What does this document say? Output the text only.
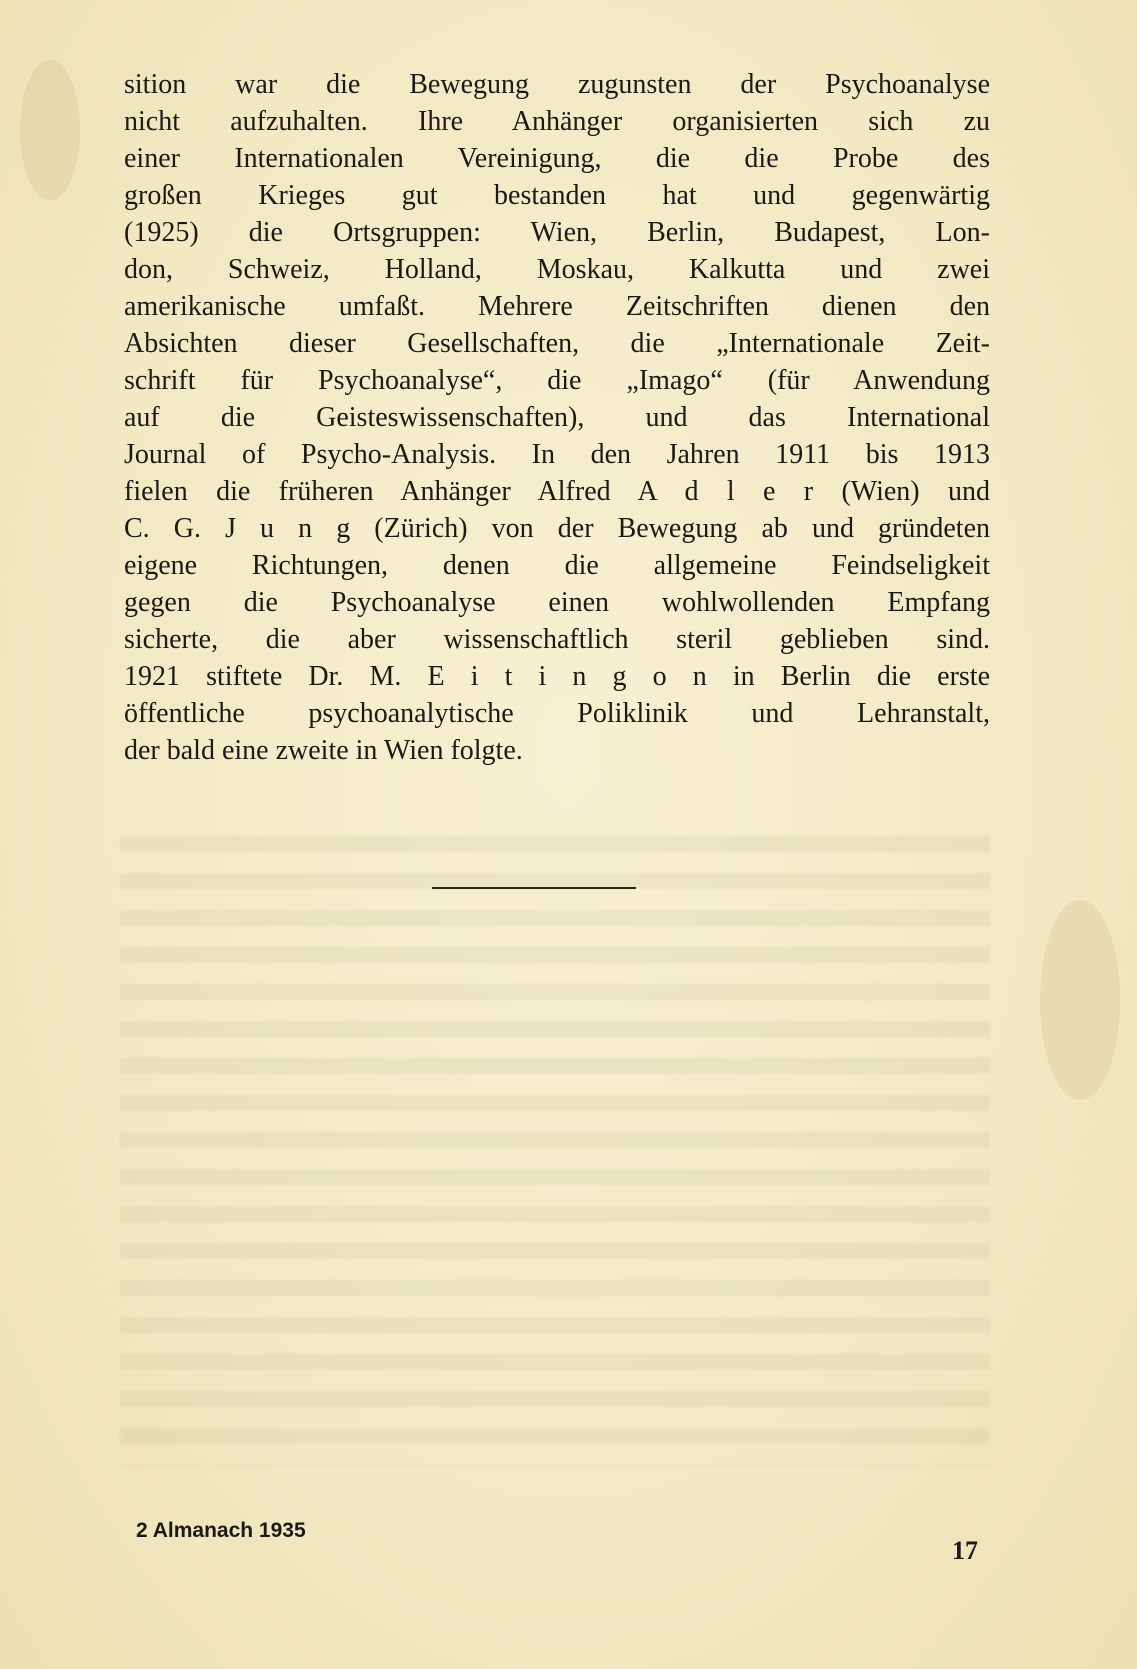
sition war die Bewegung zugunsten der Psychoanalyse
nicht aufzuhalten. Ihre Anhänger organisierten sich zu
einer Internationalen Vereinigung, die die Probe des
großen Krieges gut bestanden hat und gegenwärtig
(1925) die Ortsgruppen: Wien, Berlin, Budapest, Lon-
don, Schweiz, Holland, Moskau, Kalkutta und zwei
amerikanische umfaßt. Mehrere Zeitschriften dienen den
Absichten dieser Gesellschaften, die „Internationale Zeit-
schrift für Psychoanalyse“, die „Imago“ (für Anwendung
auf die Geisteswissenschaften), und das International
Journal of Psycho-Analysis. In den Jahren 1911 bis 1913
fielen die früheren Anhänger Alfred A d l e r (Wien) und
C. G. J u n g (Zürich) von der Bewegung ab und gründeten
eigene Richtungen, denen die allgemeine Feindseligkeit
gegen die Psychoanalyse einen wohlwollenden Empfang
sicherte, die aber wissenschaftlich steril geblieben sind.
1921 stiftete Dr. M. E i t i n g o n in Berlin die erste
öffentliche psychoanalytische Poliklinik und Lehranstalt,
der bald eine zweite in Wien folgte.

2 Almanach 1935
17
